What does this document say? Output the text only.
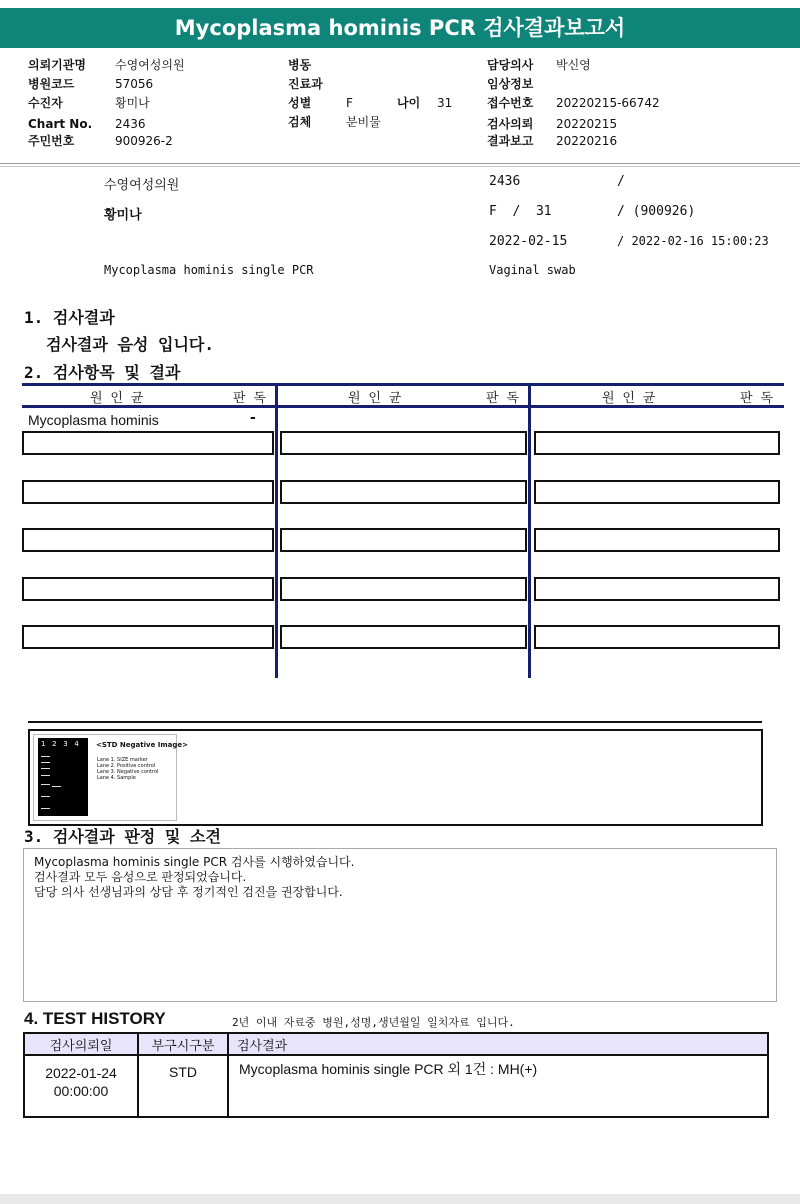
Mycoplasma hominis PCR 검사결과보고서
의뢰기관명 수영여성의원
병원코드	57056
수진자	황미나
Chart No. 2436
주민번호	900926-2
병동
진료과
성별	F	나이 31
검체	분비물
담당의사 박신영
임상정보
접수번호 20220215-66742
검사의뢰 20220215
결과보고 20220216
수영여성의원	2436	/
황미나	F  /  31	/ (900926)
2022-02-15	/ 2022-02-16 15:00:23
Mycoplasma hominis single PCR	Vaginal swab
1. 검사결과
검사결과 음성 입니다.
2. 검사항목 및 결과
원 인 균	판 독	원 인 균	판 독	원 인 균	판 독
Mycoplasma hominis	-
1   2   3   4 <STD Negative Image>
Lane 1. SIZE marker
Lane 2. Positive control
Lane 3. Negative control
Lane 4. Sample
3. 검사결과 판정 및 소견
Mycoplasma hominis single PCR 검사를 시행하였습니다.
검사결과 모두 음성으로 판정되었습니다.
담당 의사 선생님과의 상담 후 정기적인 검진을 권장합니다.
4. TEST HISTORY	2년 이내 자료중 병원,성명,생년월일 일치자료 입니다.
검사의뢰일	부구시구분	검사결과

2022-01-24
00:00:00	STD	Mycoplasma hominis single PCR 외 1건 : MH(+)
